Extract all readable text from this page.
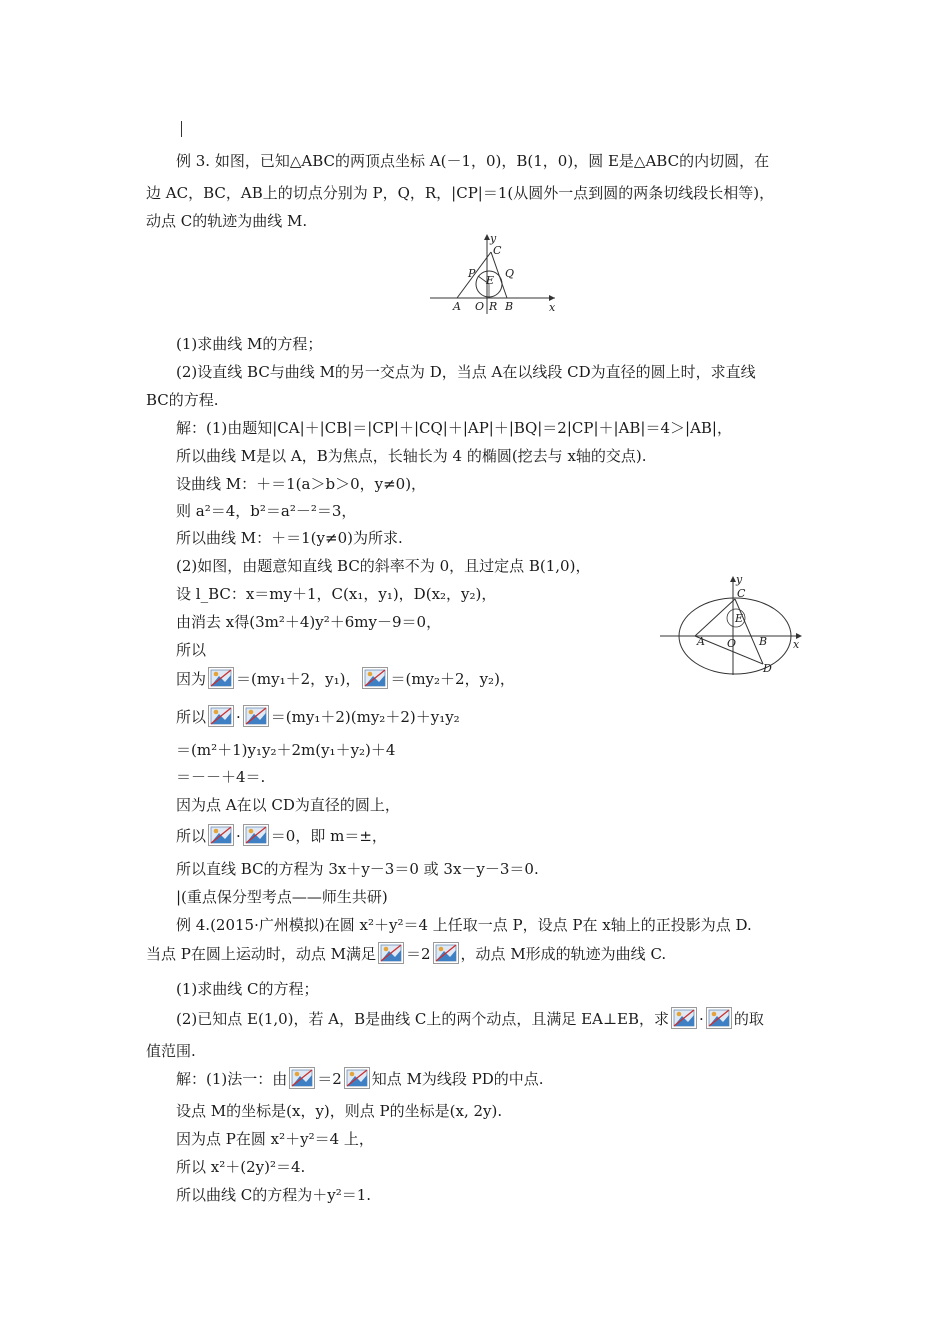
例 3. 如图，已知△ABC的两顶点坐标 A(－1，0)，B(1，0)，圆 E是△ABC的内切圆，在
边 AC，BC，AB上的切点分别为 P，Q，R，|CP|＝1(从圆外一点到圆的两条切线段长相等)，
动点 C的轨迹为曲线 M.
y
C
P	Q
E
A O R B	x
(1)求曲线 M的方程；
(2)设直线 BC与曲线 M的另一交点为 D，当点 A在以线段 CD为直径的圆上时，求直线
BC的方程.
解：(1)由题知|CA|＋|CB|＝|CP|＋|CQ|＋|AP|＋|BQ|＝2|CP|＋|AB|＝4＞|AB|，
所以曲线 M是以 A，B为焦点，长轴长为 4 的椭圆(挖去与 x轴的交点).
设曲线 M：＋＝1(a＞b＞0，y≠0)，
则 a²＝4，b²＝a²－²＝3，
所以曲线 M：＋＝1(y≠0)为所求.
(2)如图，由题意知直线 BC的斜率不为 0，且过定点 B(1,0)，
设 l_BC：x＝my＋1，C(x₁，y₁)，D(x₂，y₂)，
由消去 x得(3m²＋4)y²＋6my－9＝0，
所以
y
C
E
A O B
D
x
因为 ＝(my₁＋2，y₁)， ＝(my₂＋2，y₂)，
所以 · ＝(my₁＋2)(my₂＋2)＋y₁y₂
＝(m²＋1)y₁y₂＋2m(y₁＋y₂)＋4
＝－－＋4＝.
因为点 A在以 CD为直径的圆上，
所以 · ＝0，即 m＝±，
所以直线 BC的方程为 3x＋y－3＝0 或 3x－y－3＝0.
|(重点保分型考点——师生共研)
例 4.(2015·广州模拟)在圆 x²＋y²＝4 上任取一点 P，设点 P在 x轴上的正投影为点 D.
当点 P在圆上运动时，动点 M满足 ＝2 ，动点 M形成的轨迹为曲线 C.
(1)求曲线 C的方程；
(2)已知点 E(1,0)，若 A，B是曲线 C上的两个动点，且满足 EA⊥EB，求 · 的取
值范围.
解：(1)法一：由 ＝2 知点 M为线段 PD的中点.
设点 M的坐标是(x，y)，则点 P的坐标是(x, 2y).
因为点 P在圆 x²＋y²＝4 上，
所以 x²＋(2y)²＝4.
所以曲线 C的方程为＋y²＝1.
